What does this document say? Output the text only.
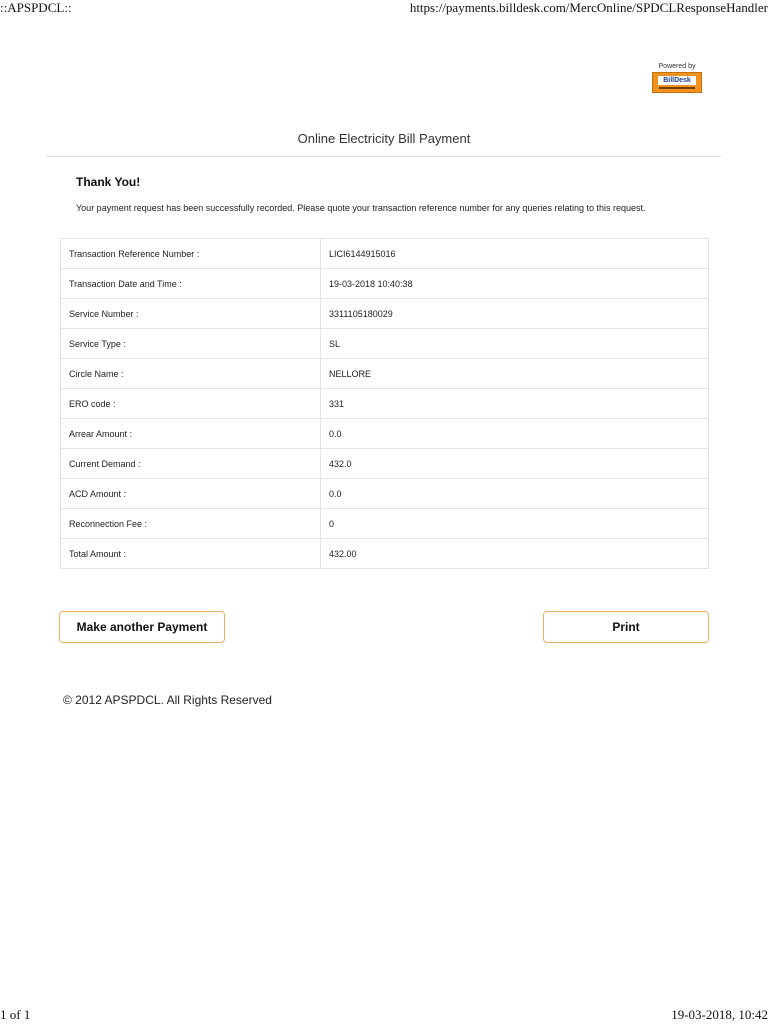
::APSPDCL::	https://payments.billdesk.com/MercOnline/SPDCLResponseHandler
Powered by
BillDesk
Online Electricity Bill Payment
Thank You!
Your payment request has been successfully recorded. Please quote your transaction reference number for any queries relating to this request.
Transaction Reference Number :	LICI6144915016
Transaction Date and Time :	19-03-2018 10:40:38
Service Number :	3311105180029
Service Type :	SL
Circle Name :	NELLORE
ERO code :	331
Arrear Amount :	0.0
Current Demand :	432.0
ACD Amount :	0.0
Reconnection Fee :	0
Total Amount :	432.00
Make another Payment	Print
© 2012 APSPDCL. All Rights Reserved
1 of 1	19-03-2018, 10:42
